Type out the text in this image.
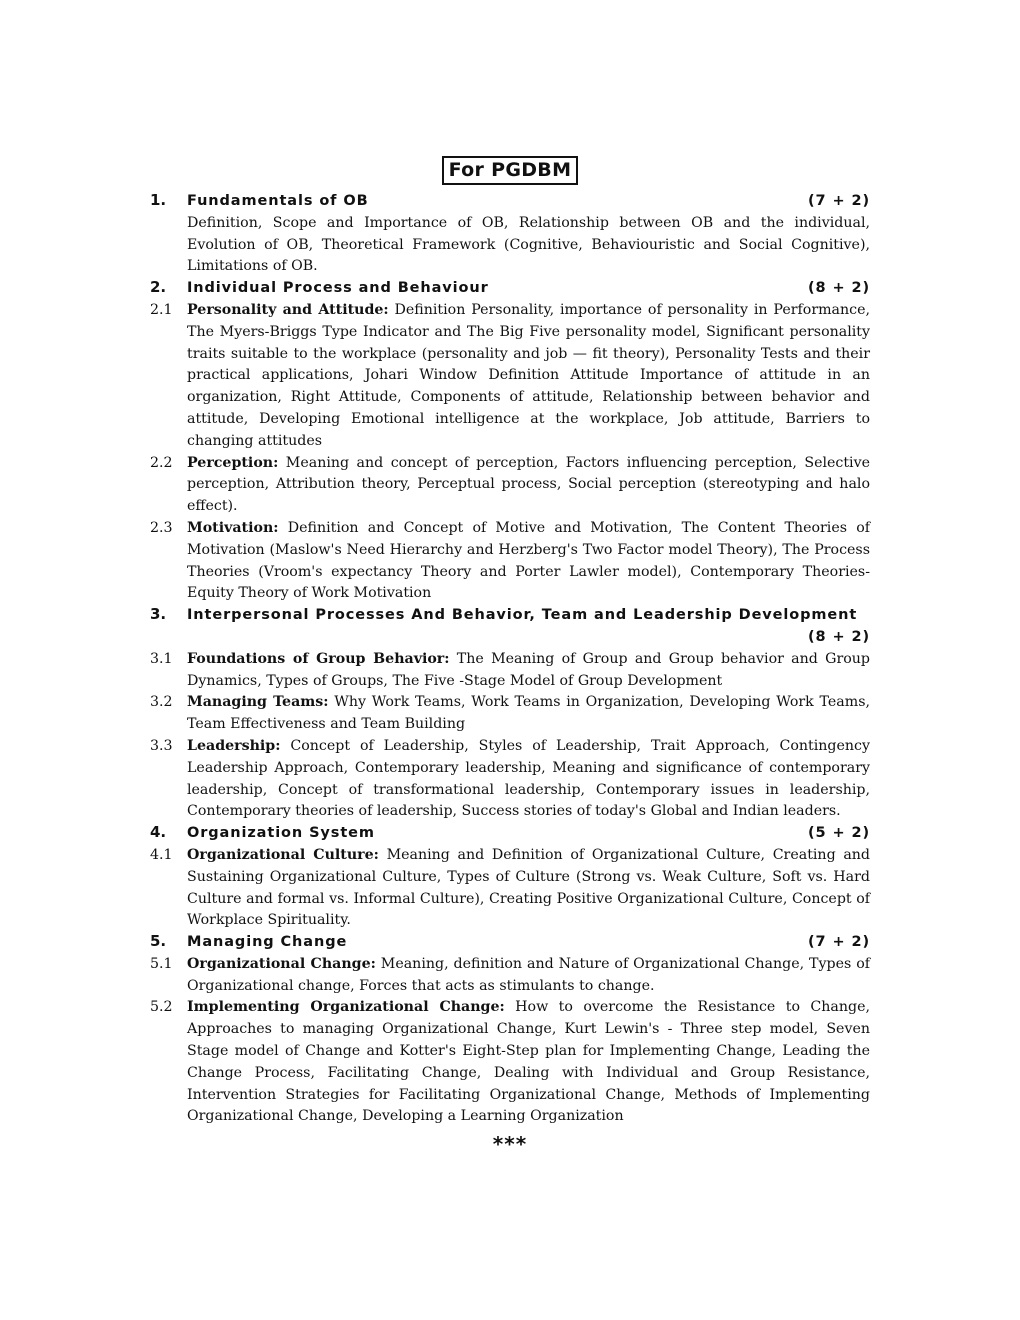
For PGDBM
1.	Fundamentals of OB	(7 + 2)
Definition, Scope and Importance of OB, Relationship between OB and the individual, Evolution of OB, Theoretical Framework (Cognitive, Behaviouristic and Social Cognitive), Limitations of OB.
2.	Individual Process and Behaviour	(8 + 2)
2.1	Personality and Attitude: Definition Personality, importance of personality in Performance, The Myers-Briggs Type Indicator and The Big Five personality model, Significant personality traits suitable to the workplace (personality and job — fit theory), Personality Tests and their practical applications, Johari Window Definition Attitude Importance of attitude in an organization, Right Attitude, Components of attitude, Relationship between behavior and attitude, Developing Emotional intelligence at the workplace, Job attitude, Barriers to changing attitudes
2.2	Perception: Meaning and concept of perception, Factors influencing perception, Selective perception, Attribution theory, Perceptual process, Social perception (stereotyping and halo effect).
2.3	Motivation: Definition and Concept of Motive and Motivation, The Content Theories of Motivation (Maslow's Need Hierarchy and Herzberg's Two Factor model Theory), The Process Theories (Vroom's expectancy Theory and Porter Lawler model), Contemporary Theories- Equity Theory of Work Motivation
3.	Interpersonal Processes And Behavior, Team and Leadership Development
(8 + 2)
3.1	Foundations of Group Behavior: The Meaning of Group and Group behavior and Group Dynamics, Types of Groups, The Five -Stage Model of Group Development
3.2	Managing Teams: Why Work Teams, Work Teams in Organization, Developing Work Teams, Team Effectiveness and Team Building
3.3	Leadership: Concept of Leadership, Styles of Leadership, Trait Approach, Contingency Leadership Approach, Contemporary leadership, Meaning and significance of contemporary leadership, Concept of transformational leadership, Contemporary issues in leadership, Contemporary theories of leadership, Success stories of today's Global and Indian leaders.
4.	Organization System	(5 + 2)
4.1	Organizational Culture: Meaning and Definition of Organizational Culture, Creating and Sustaining Organizational Culture, Types of Culture (Strong vs. Weak Culture, Soft vs. Hard Culture and formal vs. Informal Culture), Creating Positive Organizational Culture, Concept of Workplace Spirituality.
5.	Managing Change	(7 + 2)
5.1	Organizational Change: Meaning, definition and Nature of Organizational Change, Types of Organizational change, Forces that acts as stimulants to change.
5.2	Implementing Organizational Change: How to overcome the Resistance to Change, Approaches to managing Organizational Change, Kurt Lewin's - Three step model, Seven Stage model of Change and Kotter's Eight-Step plan for Implementing Change, Leading the Change Process, Facilitating Change, Dealing with Individual and Group Resistance, Intervention Strategies for Facilitating Organizational Change, Methods of Implementing Organizational Change, Developing a Learning Organization
***
